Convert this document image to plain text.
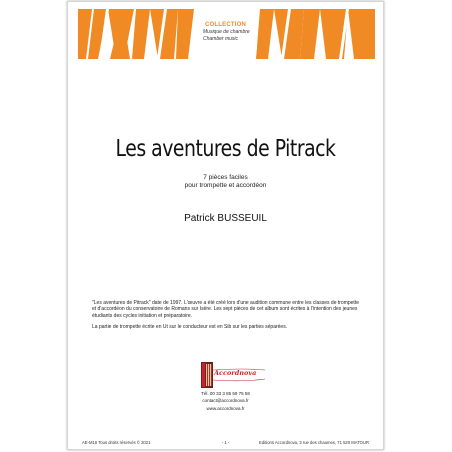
COLLECTION
Musique de chambre
Chamber music
Les aventures de Pitrack
7 pièces faciles
pour trompette et accordéon
Patrick BUSSEUIL

"Les aventures de Pitrack" date de 1997. L'œuvre a été créé lors d'une audition commune entre les classes de trompette et d'accordéon du conservatoire de Romans sur Isère. Les sept pièces de cet album sont écrites à l'intention des jeunes étudiants des cycles initiation et préparatoire.

La partie de trompette écrite en Ut sur le conducteur est en Sib sur les parties séparées.

Accordnova
Tél. 00 33 3 85 59 75 58
contact@accordnova.fr
www.accordnova.fr
AE-M16 Tous droits réservés © 2021	- 1 -	Editions Accordnova, 3 rue des chaumes, 71 520 MATOUR
